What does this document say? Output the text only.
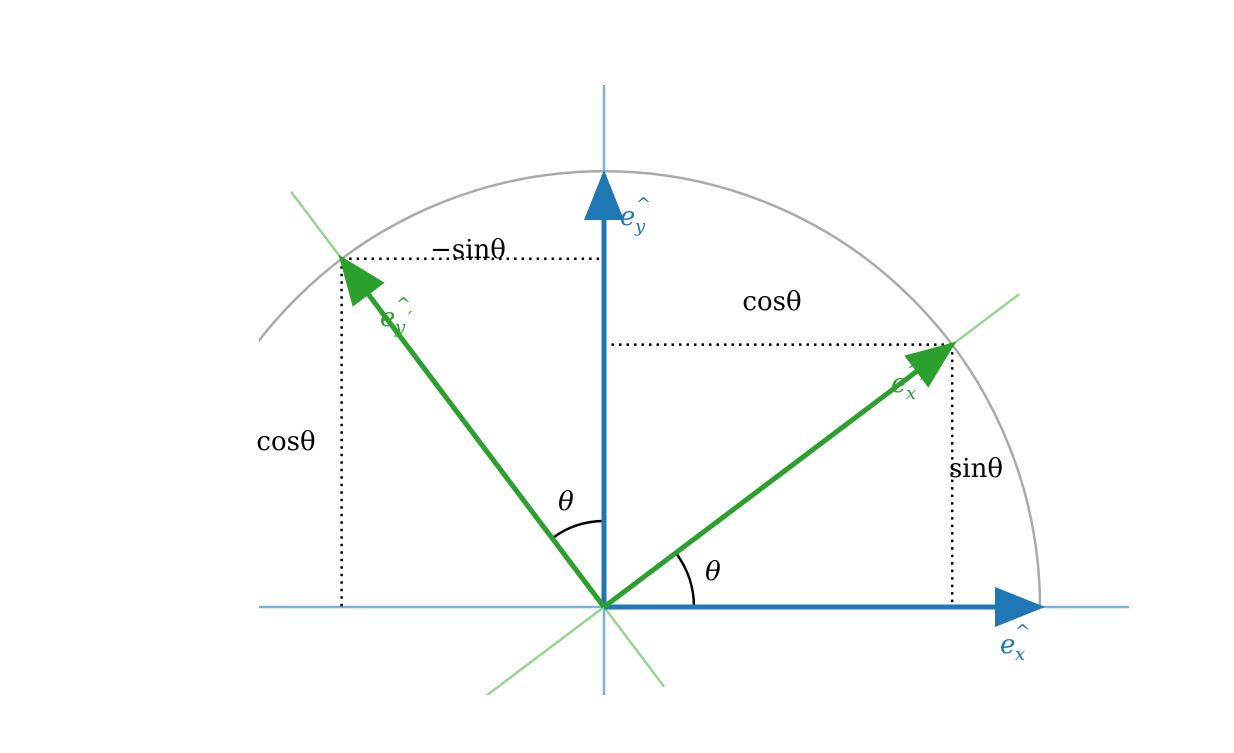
−sinθ
cosθ
cosθ
sinθ
θ
θ
e ^
y
e ^
x
e ^
y ′
e ^
x ′
